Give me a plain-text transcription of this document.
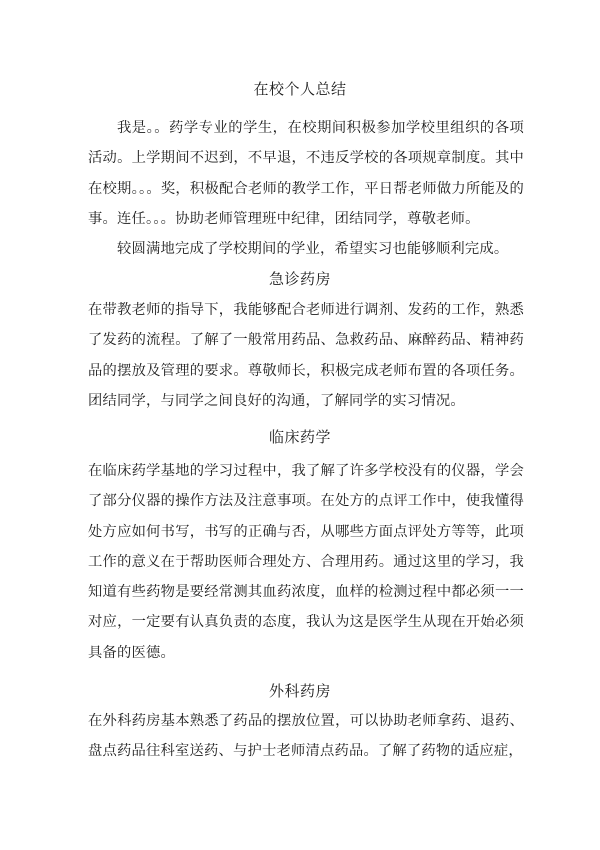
在校个人总结
我是。。药学专业的学生，在校期间积极参加学校里组织的各项活动。上学期间不迟到，不早退，不违反学校的各项规章制度。其中在校期。。。奖，积极配合老师的教学工作，平日帮老师做力所能及的事。连任。。。协助老师管理班中纪律，团结同学，尊敬老师。
较圆满地完成了学校期间的学业，希望实习也能够顺利完成。
急诊药房
在带教老师的指导下，我能够配合老师进行调剂、发药的工作，熟悉了发药的流程。了解了一般常用药品、急救药品、麻醉药品、精神药品的摆放及管理的要求。尊敬师长，积极完成老师布置的各项任务。团结同学，与同学之间良好的沟通，了解同学的实习情况。
临床药学
在临床药学基地的学习过程中，我了解了许多学校没有的仪器，学会了部分仪器的操作方法及注意事项。在处方的点评工作中，使我懂得处方应如何书写，书写的正确与否，从哪些方面点评处方等等，此项工作的意义在于帮助医师合理处方、合理用药。通过这里的学习，我知道有些药物是要经常测其血药浓度，血样的检测过程中都必须一一对应，一定要有认真负责的态度，我认为这是医学生从现在开始必须具备的医德。
外科药房
在外科药房基本熟悉了药品的摆放位置，可以协助老师拿药、退药、盘点药品往科室送药、与护士老师清点药品。了解了药物的适应症，
